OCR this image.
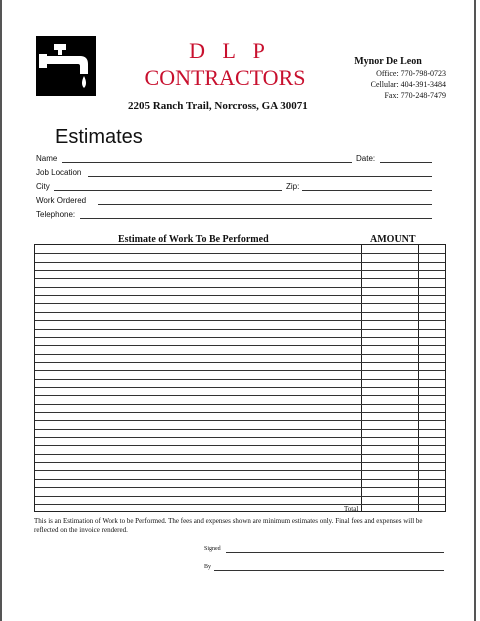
D L P
CONTRACTORS
2205 Ranch Trail, Norcross, GA 30071
Mynor De Leon
Office: 770-798-0723
Cellular: 404-391-3484
Fax: 770-248-7479
Estimates
Name	Date:
Job Location
City	Zip:
Work Ordered
Telephone:
Estimate of Work To Be Performed	AMOUNT
Total
This is an Estimation of Work to be Performed. The fees and expenses shown are minimum estimates only. Final fees and expenses will be reflected on the invoice rendered.
Signed
By
